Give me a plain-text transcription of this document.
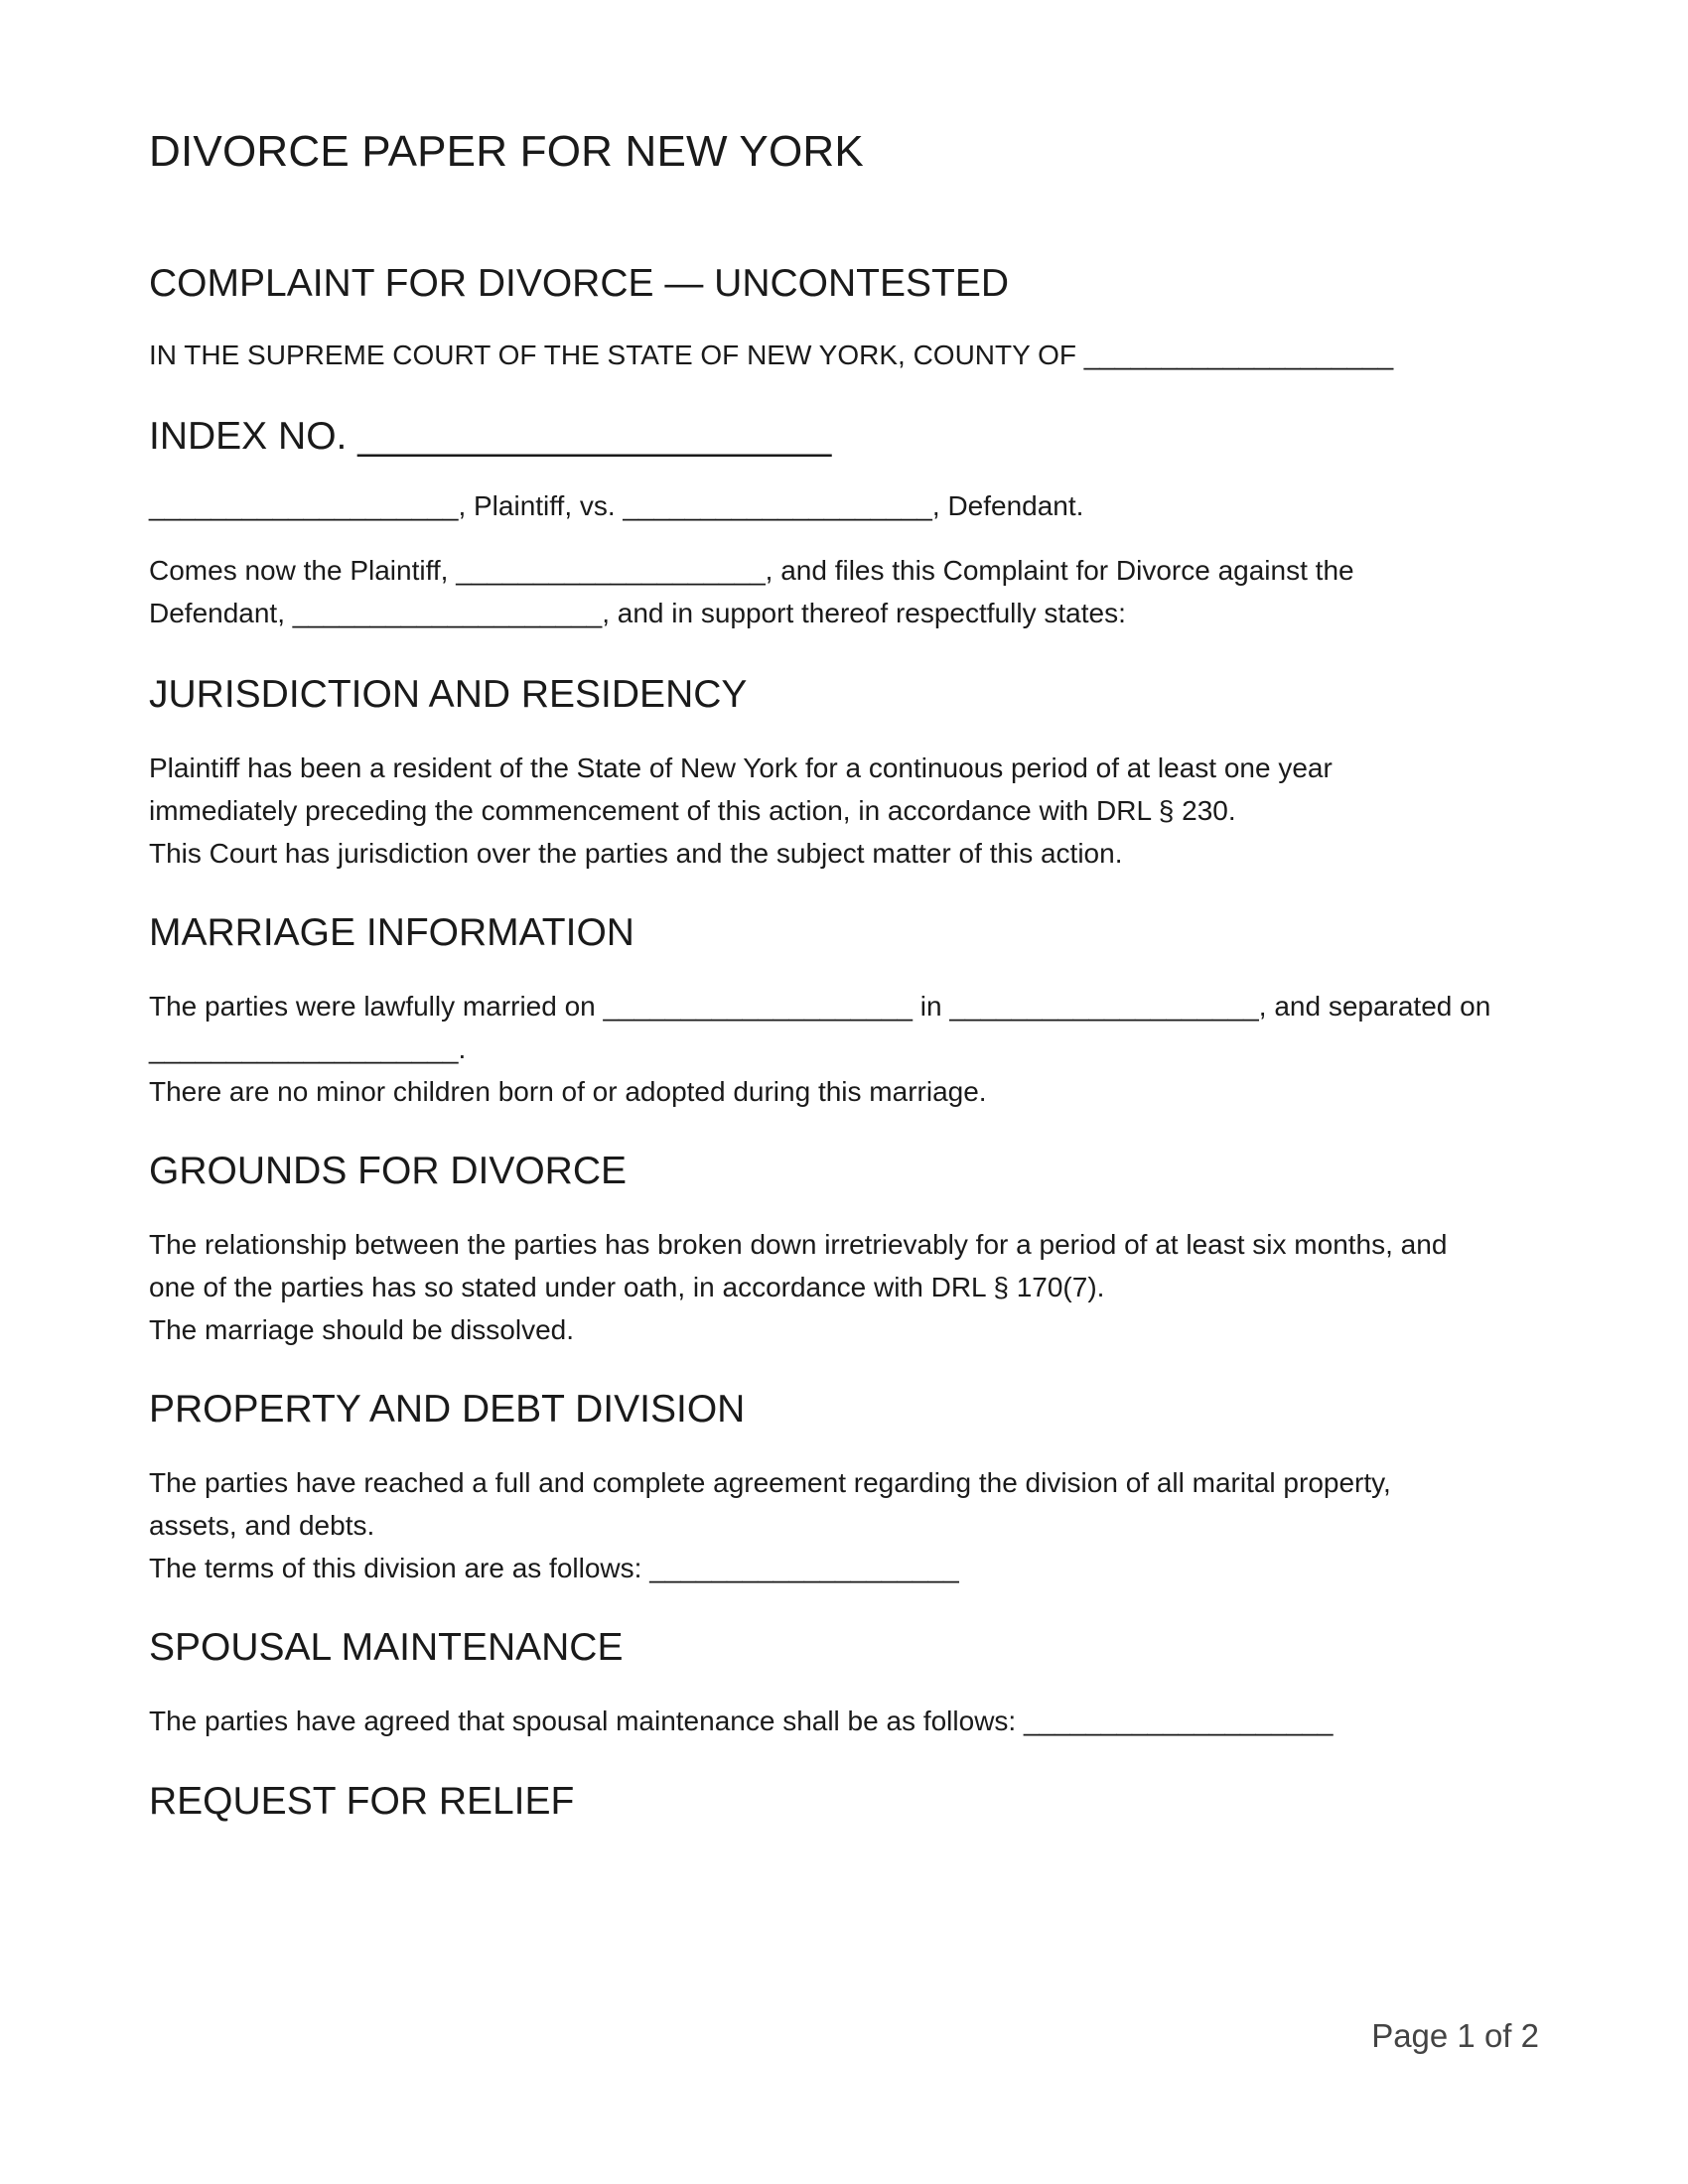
DIVORCE PAPER FOR NEW YORK
COMPLAINT FOR DIVORCE — UNCONTESTED

IN THE SUPREME COURT OF THE STATE OF NEW YORK, COUNTY OF ____________________

INDEX NO. ______________________

____________________, Plaintiff, vs. ____________________, Defendant.

Comes now the Plaintiff, ____________________, and files this Complaint for Divorce against the

Defendant, ____________________, and in support thereof respectfully states:

JURISDICTION AND RESIDENCY

Plaintiff has been a resident of the State of New York for a continuous period of at least one year

immediately preceding the commencement of this action, in accordance with DRL § 230.

This Court has jurisdiction over the parties and the subject matter of this action.

MARRIAGE INFORMATION

The parties were lawfully married on ____________________ in ____________________, and separated on

____________________.

There are no minor children born of or adopted during this marriage.

GROUNDS FOR DIVORCE

The relationship between the parties has broken down irretrievably for a period of at least six months, and

one of the parties has so stated under oath, in accordance with DRL § 170(7).

The marriage should be dissolved.

PROPERTY AND DEBT DIVISION

The parties have reached a full and complete agreement regarding the division of all marital property,

assets, and debts.

The terms of this division are as follows: ____________________

SPOUSAL MAINTENANCE

The parties have agreed that spousal maintenance shall be as follows: ____________________

REQUEST FOR RELIEF
Page 1 of 2
